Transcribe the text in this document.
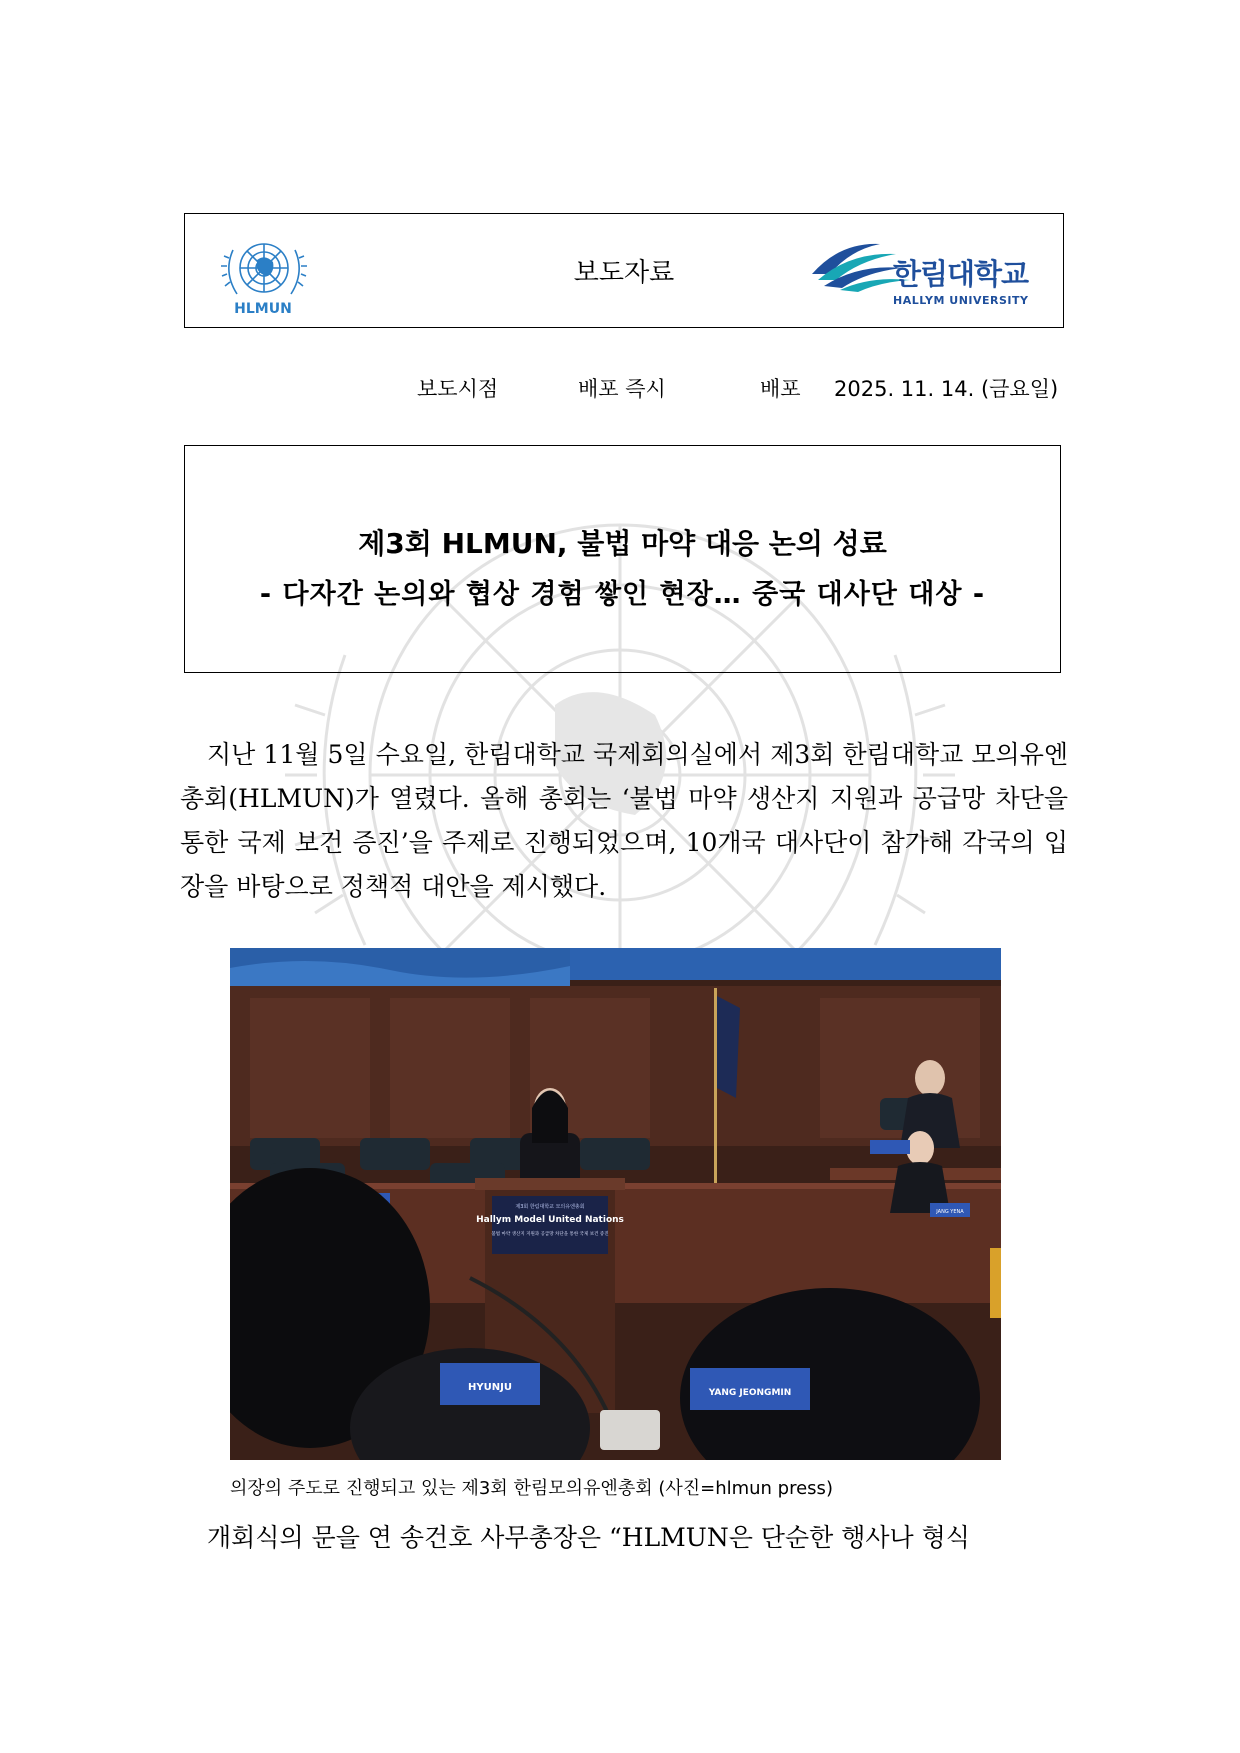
HLMUN
보도자료	한림대학교
HALLYM UNIVERSITY
보도시점	배포 즉시	배포 2025. 11. 14. (금요일)
제3회 HLMUN, 불법 마약 대응 논의 성료
- 다자간 논의와 협상 경험 쌓인 현장… 중국 대사단 대상 -

지난 11월 5일 수요일, 한림대학교 국제회의실에서 제3회 한림대학교 모의유엔총회(HLMUN)가 열렸다. 올해 총회는 ‘불법 마약 생산지 지원과 공급망 차단을 통한 국제 보건 증진’을 주제로 진행되었으며, 10개국 대사단이 참가해 각국의 입장을 바탕으로 정책적 대안을 제시했다.

제3회 한림대학교 모의유엔총회
Hallym Model United Nations
불법 마약 생산지 지원과 공급망 차단을 통한 국제 보건 증진
JANG YENA
HYUNJU	YANG JEONGMIN
의장의 주도로 진행되고 있는 제3회 한림모의유엔총회 (사진=hlmun press)

개회식의 문을 연 송건호 사무총장은 “HLMUN은 단순한 행사나 형식
